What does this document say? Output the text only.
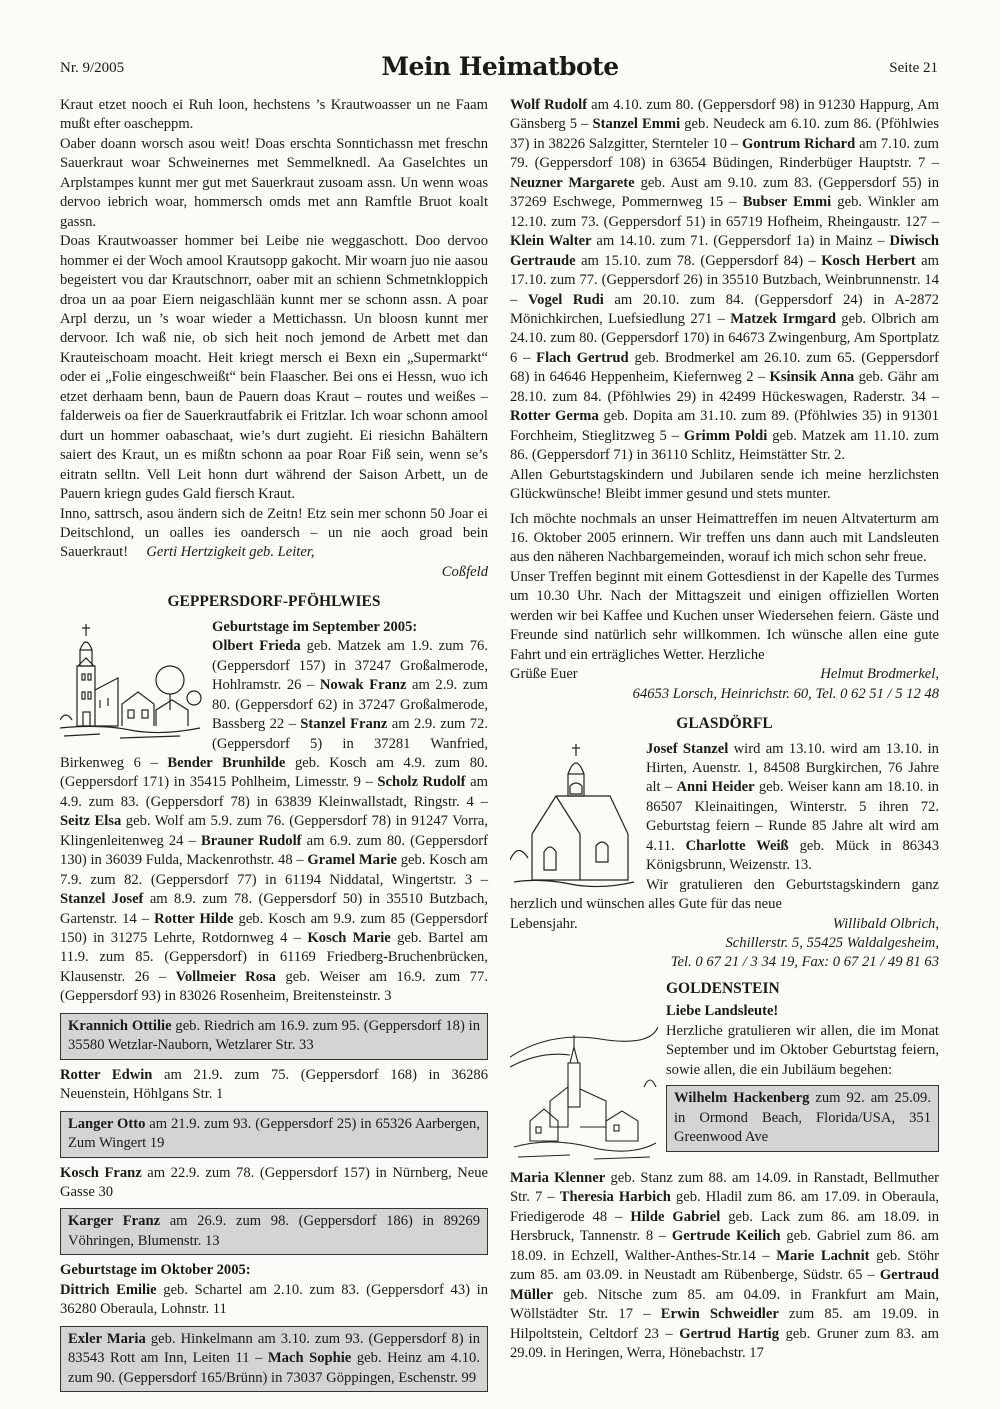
Nr. 9/2005	Mein Heimatbote	Seite 21

Kraut etzet nooch ei Ruh loon, hechstens ’s Krautwoasser un ne Faam mußt efter oascheppm.

Oaber doann worsch asou weit! Doas erschta Sonntichassn met freschn Sauerkraut woar Schweinernes met Semmelknedl. Aa Gaselchtes un Arplstampes kunnt mer gut met Sauerkraut zusoam assn. Un wenn woas dervoo iebrich woar, hommersch omds met ann Ramftle Bruot koalt gassn.

Doas Krautwoasser hommer bei Leibe nie weggaschott. Doo dervoo hommer ei der Woch amool Krautsopp gakocht. Mir woarn juo nie aasou begeistert vou dar Krautschnorr, oaber mit an schienn Schmetnkloppich droa un aa poar Eiern neigaschlään kunnt mer se schonn assn. A poar Arpl derzu, un ’s woar wieder a Mettichassn. Un bloosn kunnt mer dervoor. Ich waß nie, ob sich heit noch jemond de Arbett met dan Krauteischoam moacht. Heit kriegt mersch ei Bexn ein „Supermarkt“ oder ei „Folie eingeschweißt“ bein Flaascher. Bei ons ei Hessn, wuo ich etzet derhaam benn, baun de Pauern doas Kraut – routes und weißes – falderweis oa fier de Sauerkrautfabrik ei Fritzlar. Ich woar schonn amool durt un hommer oabaschaat, wie’s durt zugieht. Ei riesichn Bahältern saiert des Kraut, un es mißtn schonn aa poar Roar Fiß sein, wenn se’s eitratn selltn. Vell Leit honn durt während der Saison Arbett, un de Pauern kriegn gudes Gald fiersch Kraut.

Inno, sattrsch, asou ändern sich de Zeitn! Etz sein mer schonn 50 Joar ei Deitschlond, un oalles ies oandersch – un nie aoch groad bein Sauerkraut! Gerti Hertzigkeit geb. Leiter,

Coßfeld

GEPPERSDORF-PFÖHLWIES

Geburtstage im September 2005:

Olbert Frieda geb. Matzek am 1.9. zum 76. (Geppersdorf 157) in 37247 Großalmerode, Hohlramstr. 26 – Nowak Franz am 2.9. zum 80. (Geppersdorf 62) in 37247 Großalmerode, Bassberg 22 – Stanzel Franz am 2.9. zum 72. (Geppersdorf 5) in 37281 Wanfried, Birkenweg 6 – Bender Brunhilde geb. Kosch am 4.9. zum 80. (Geppersdorf 171) in 35415 Pohlheim, Limesstr. 9 – Scholz Rudolf am 4.9. zum 83. (Geppersdorf 78) in 63839 Kleinwallstadt, Ringstr. 4 – Seitz Elsa geb. Wolf am 5.9. zum 76. (Geppersdorf 78) in 91247 Vorra, Klingenleitenweg 24 – Brauner Rudolf am 6.9. zum 80. (Geppersdorf 130) in 36039 Fulda, Mackenrothstr. 48 – Gramel Marie geb. Kosch am 7.9. zum 82. (Geppersdorf 77) in 61194 Niddatal, Wingertstr. 3 – Stanzel Josef am 8.9. zum 78. (Geppersdorf 50) in 35510 Butzbach, Gartenstr. 14 – Rotter Hilde geb. Kosch am 9.9. zum 85 (Geppersdorf 150) in 31275 Lehrte, Rotdornweg 4 – Kosch Marie geb. Bartel am 11.9. zum 85. (Geppersdorf) in 61169 Friedberg-Bruchenbrücken, Klausenstr. 26 – Vollmeier Rosa geb. Weiser am 16.9. zum 77. (Geppersdorf 93) in 83026 Rosenheim, Breitensteinstr. 3

Krannich Ottilie geb. Riedrich am 16.9. zum 95. (Geppersdorf 18) in 35580 Wetzlar-Nauborn, Wetzlarer Str. 33

Rotter Edwin am 21.9. zum 75. (Geppersdorf 168) in 36286 Neuenstein, Höhlgans Str. 1

Langer Otto am 21.9. zum 93. (Geppersdorf 25) in 65326 Aarbergen, Zum Wingert 19

Kosch Franz am 22.9. zum 78. (Geppersdorf 157) in Nürnberg, Neue Gasse 30

Karger Franz am 26.9. zum 98. (Geppersdorf 186) in 89269 Vöhringen, Blumenstr. 13

Geburtstage im Oktober 2005:

Dittrich Emilie geb. Schartel am 2.10. zum 83. (Geppersdorf 43) in 36280 Oberaula, Lohnstr. 11

Exler Maria geb. Hinkelmann am 3.10. zum 93. (Geppersdorf 8) in 83543 Rott am Inn, Leiten 11 – Mach Sophie geb. Heinz am 4.10. zum 90. (Geppersdorf 165/Brünn) in 73037 Göppingen, Eschenstr. 99

Wolf Rudolf am 4.10. zum 80. (Geppersdorf 98) in 91230 Happurg, Am Gänsberg 5 – Stanzel Emmi geb. Neudeck am 6.10. zum 86. (Pföhlwies 37) in 38226 Salzgitter, Sternteler 10 – Gontrum Richard am 7.10. zum 79. (Geppersdorf 108) in 63654 Büdingen, Rinderbüger Hauptstr. 7 – Neuzner Margarete geb. Aust am 9.10. zum 83. (Geppersdorf 55) in 37269 Eschwege, Pommernweg 15 – Bubser Emmi geb. Winkler am 12.10. zum 73. (Geppersdorf 51) in 65719 Hofheim, Rheingaustr. 127 – Klein Walter am 14.10. zum 71. (Geppersdorf 1a) in Mainz – Diwisch Gertraude am 15.10. zum 78. (Geppersdorf 84) – Kosch Herbert am 17.10. zum 77. (Geppersdorf 26) in 35510 Butzbach, Weinbrunnenstr. 14 – Vogel Rudi am 20.10. zum 84. (Geppersdorf 24) in A-2872 Mönichkirchen, Luefsiedlung 271 – Matzek Irmgard geb. Olbrich am 24.10. zum 80. (Geppersdorf 170) in 64673 Zwingenburg, Am Sportplatz 6 – Flach Gertrud geb. Brodmerkel am 26.10. zum 65. (Geppersdorf 68) in 64646 Heppenheim, Kiefernweg 2 – Ksinsik Anna geb. Gähr am 28.10. zum 84. (Pföhlwies 29) in 42499 Hückeswagen, Raderstr. 34 – Rotter Germa geb. Dopita am 31.10. zum 89. (Pföhlwies 35) in 91301 Forchheim, Stieglitzweg 5 – Grimm Poldi geb. Matzek am 11.10. zum 86. (Geppersdorf 71) in 36110 Schlitz, Heimstätter Str. 2.

Allen Geburtstagskindern und Jubilaren sende ich meine herzlichsten Glückwünsche! Bleibt immer gesund und stets munter.

Ich möchte nochmals an unser Heimattreffen im neuen Altvaterturm am 16. Oktober 2005 erinnern. Wir treffen uns dann auch mit Landsleuten aus den näheren Nachbargemeinden, worauf ich mich schon sehr freue.

Unser Treffen beginnt mit einem Gottesdienst in der Kapelle des Turmes um 10.30 Uhr. Nach der Mittagszeit und einigen offiziellen Worten werden wir bei Kaffee und Kuchen unser Wiedersehen feiern. Gäste und Freunde sind natürlich sehr willkommen. Ich wünsche allen eine gute Fahrt und ein erträgliches Wetter. Herzliche

Grüße Euer	Helmut Brodmerkel,

64653 Lorsch, Heinrichstr. 60, Tel. 0 62 51 / 5 12 48

GLASDÖRFL

Josef Stanzel wird am 13.10. wird am 13.10. in Hirten, Auenstr. 1, 84508 Burgkirchen, 76 Jahre alt – Anni Heider geb. Weiser kann am 18.10. in 86507 Kleinaitingen, Winterstr. 5 ihren 72. Geburtstag feiern – Runde 85 Jahre alt wird am 4.11. Charlotte Weiß geb. Mück in 86343 Königsbrunn, Weizenstr. 13.
Wir gratulieren den Geburtstagskindern ganz herzlich und wünschen alles Gute für das neue

Lebensjahr.	Willibald Olbrich,

Schillerstr. 5, 55425 Waldalgesheim,

Tel. 0 67 21 / 3 34 19, Fax: 0 67 21 / 49 81 63

GOLDENSTEIN

Liebe Landsleute!

Herzliche gratulieren wir allen, die im Monat September und im Oktober Geburtstag feiern, sowie allen, die ein Jubiläum begehen:

Wilhelm Hackenberg zum 92. am 25.09. in Ormond Beach, Florida/USA, 351 Greenwood Ave

Maria Klenner geb. Stanz zum 88. am 14.09. in Ranstadt, Bellmuther Str. 7 – Theresia Harbich geb. Hladil zum 86. am 17.09. in Oberaula, Friedigerode 48 – Hilde Gabriel geb. Lack zum 86. am 18.09. in Hersbruck, Tannenstr. 8 – Gertrude Keilich geb. Gabriel zum 86. am 18.09. in Echzell, Walther-Anthes-Str.14 – Marie Lachnit geb. Stöhr zum 85. am 03.09. in Neustadt am Rübenberge, Südstr. 65 – Gertraud Müller geb. Nitsche zum 85. am 04.09. in Frankfurt am Main, Wöllstädter Str. 17 – Erwin Schweidler zum 85. am 19.09. in Hilpoltstein, Celtdorf 23 – Gertrud Hartig geb. Gruner zum 83. am 29.09. in Heringen, Werra, Hönebachstr. 17
